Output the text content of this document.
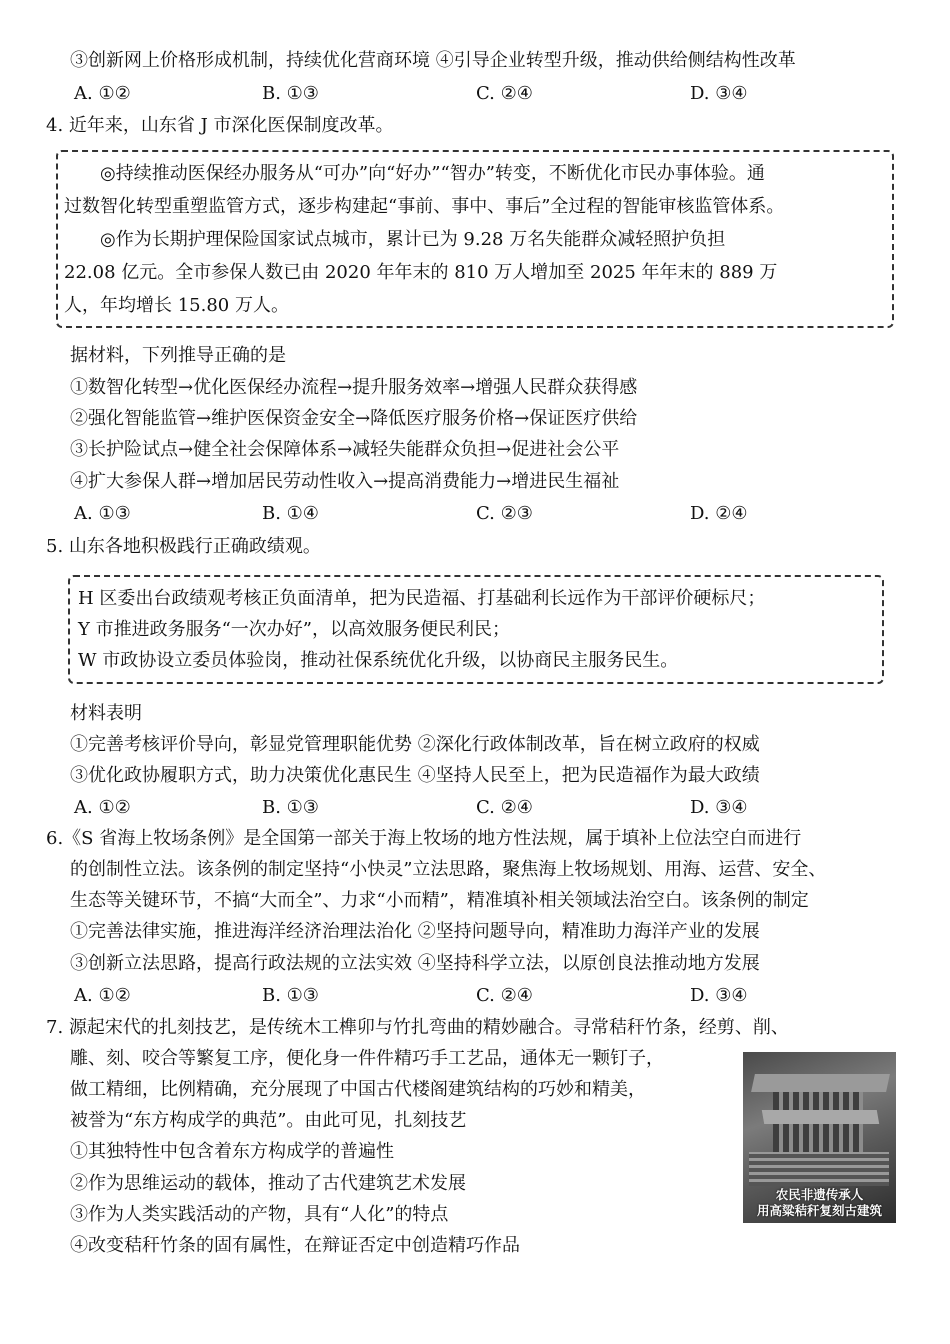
③创新网上价格形成机制，持续优化营商环境 ④引导企业转型升级，推动供给侧结构性改革
A. ①②	B. ①③	C. ②④	D. ③④
4. 近年来，山东省 J 市深化医保制度改革。
　　◎持续推动医保经办服务从“可办”向“好办”“智办”转变，不断优化市民办事体验。通
过数智化转型重塑监管方式，逐步构建起“事前、事中、事后”全过程的智能审核监管体系。
　　◎作为长期护理保险国家试点城市，累计已为 9.28 万名失能群众减轻照护负担
22.08 亿元。全市参保人数已由 2020 年年末的 810 万人增加至 2025 年年末的 889 万
人，年均增长 15.80 万人。
据材料，下列推导正确的是
①数智化转型→优化医保经办流程→提升服务效率→增强人民群众获得感
②强化智能监管→维护医保资金安全→降低医疗服务价格→保证医疗供给
③长护险试点→健全社会保障体系→减轻失能群众负担→促进社会公平
④扩大参保人群→增加居民劳动性收入→提高消费能力→增进民生福祉
A. ①③	B. ①④	C. ②③	D. ②④
5. 山东各地积极践行正确政绩观。
H 区委出台政绩观考核正负面清单，把为民造福、打基础利长远作为干部评价硬标尺；
Y 市推进政务服务“一次办好”，以高效服务便民利民；
W 市政协设立委员体验岗，推动社保系统优化升级，以协商民主服务民生。
材料表明
①完善考核评价导向，彰显党管理职能优势 ②深化行政体制改革，旨在树立政府的权威
③优化政协履职方式，助力决策优化惠民生 ④坚持人民至上，把为民造福作为最大政绩
A. ①②	B. ①③	C. ②④	D. ③④
6.《S 省海上牧场条例》是全国第一部关于海上牧场的地方性法规，属于填补上位法空白而进行
的创制性立法。该条例的制定坚持“小快灵”立法思路，聚焦海上牧场规划、用海、运营、安全、
生态等关键环节，不搞“大而全”、力求“小而精”，精准填补相关领域法治空白。该条例的制定
①完善法律实施，推进海洋经济治理法治化 ②坚持问题导向，精准助力海洋产业的发展
③创新立法思路，提高行政法规的立法实效 ④坚持科学立法，以原创良法推动地方发展
A. ①②	B. ①③	C. ②④	D. ③④
7. 源起宋代的扎刻技艺，是传统木工榫卯与竹扎弯曲的精妙融合。寻常秸秆竹条，经剪、削、
雕、刻、咬合等繁复工序，便化身一件件精巧手工艺品，通体无一颗钉子，
做工精细，比例精确，充分展现了中国古代楼阁建筑结构的巧妙和精美，
被誉为“东方构成学的典范”。由此可见，扎刻技艺
①其独特性中包含着东方构成学的普遍性
②作为思维运动的载体，推动了古代建筑艺术发展
③作为人类实践活动的产物，具有“人化”的特点
④改变秸秆竹条的固有属性，在辩证否定中创造精巧作品
农民非遗传承人
用高粱秸秆复刻古建筑
